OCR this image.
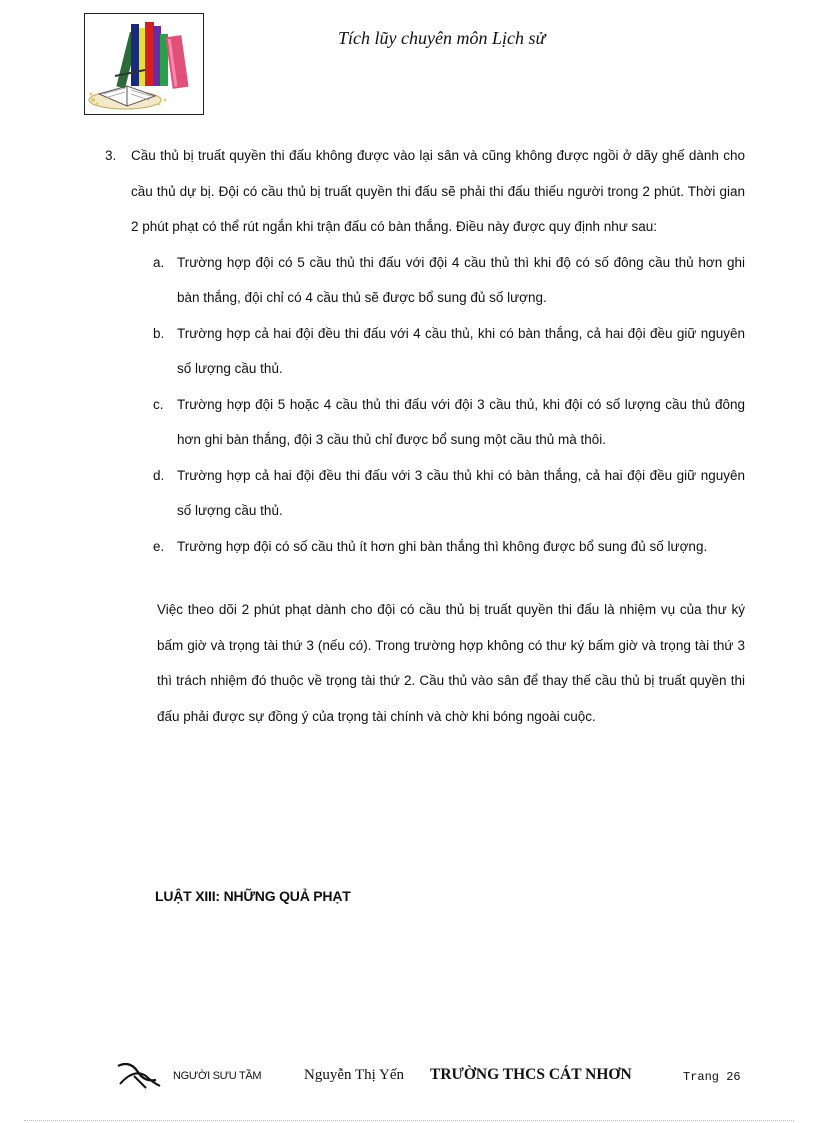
Tích lũy chuyên môn Lịch sử
3.	Cầu thủ bị truất quyền thi đấu không được vào lại sân và cũng không được ngồi ở dãy ghế dành cho cầu thủ dự bị. Đội có cầu thủ bị truất quyền thi đấu sẽ phải thi đấu thiếu người trong 2 phút. Thời gian 2 phút phạt có thể rút ngắn khi trận đấu có bàn thắng. Điều này được quy định như sau:
a. Trường hợp đội có 5 cầu thủ thi đấu với đội 4 cầu thủ thì khi độ có số đông cầu thủ hơn ghi bàn thắng, đội chỉ có 4 cầu thủ sẽ được bổ sung đủ số lượng.
b. Trường hợp cả hai đội đều thi đấu với 4 cầu thủ, khi có bàn thắng, cả hai đội đều giữ nguyên số lượng cầu thủ.
c. Trường hợp đội 5 hoặc 4 cầu thủ thi đấu với đội 3 cầu thủ, khi đội có số lượng cầu thủ đông hơn ghi bàn thắng, đội 3 cầu thủ chỉ được bổ sung một cầu thủ mà thôi.
d. Trường hợp cả hai đội đều thi đấu với 3 cầu thủ khi có bàn thắng, cả hai đội đều giữ nguyên số lượng cầu thủ.
e. Trường hợp đội có số cầu thủ ít hơn ghi bàn thắng thì không được bổ sung đủ số lượng.
Việc theo dõi 2 phút phạt dành cho đội có cầu thủ bị truất quyền thi đấu là nhiệm vụ của thư ký bấm giờ và trọng tài thứ 3 (nếu có). Trong trường hợp không có thư ký bấm giờ và trọng tài thứ 3 thì trách nhiệm đó thuộc về trọng tài thứ 2. Cầu thủ vào sân để thay thế cầu thủ bị truất quyền thi đấu phải được sự đồng ý của trọng tài chính và chờ khi bóng ngoài cuộc.
LUẬT XIII: NHỮNG QUẢ PHẠT
NGƯỜI SƯU TẦM	Nguyễn Thị Yến TRƯỜNG THCS CÁT NHƠN	Trang 26
